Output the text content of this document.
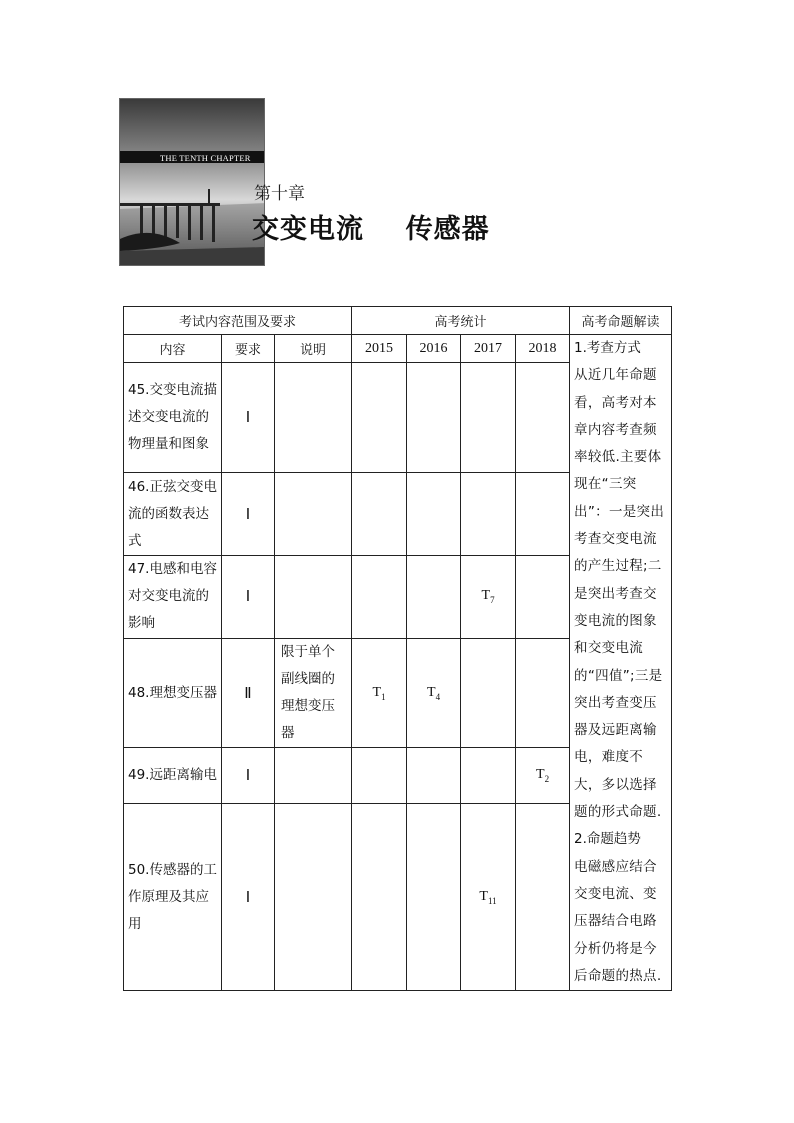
THE TENTH CHAPTER
第十章
交变电流    传感器
考试内容范围及要求			高考统计				高考命题解读
内容	要求	说明	2015	2016	2017	2018	1.考查方式
从近几年命题看，高考对本章内容考查频率较低.主要体现在“三突出”：一是突出考查交变电流的产生过程;二是突出考查交变电流的图象和交变电流的“四值”;三是突出考查变压器及远距离输电，难度不大，多以选择题的形式命题.
2.命题趋势
电磁感应结合交变电流、变压器结合电路分析仍将是今后命题的热点.

45.交变电流描述交变电流的物理量和图象	Ⅰ						
46.正弦交变电流的函数表达式	Ⅰ						
47.电感和电容对交变电流的影响	Ⅰ				$T_7$	
48.理想变压器	Ⅱ	限于单个副线圈的理想变压器	$T_1$	$T_4$		
49.远距离输电	Ⅰ					$T_2$
50.传感器的工作原理及其应用	Ⅰ				$T_{11}$	
